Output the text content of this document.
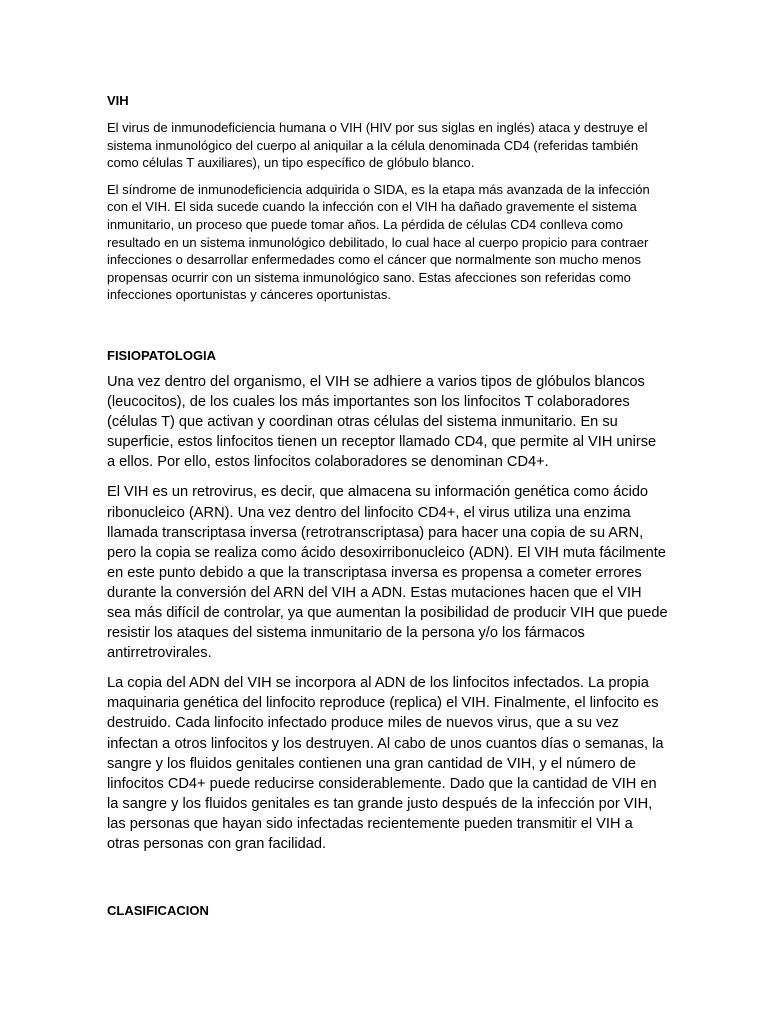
VIH

El virus de inmunodeficiencia humana o VIH (HIV por sus siglas en inglés) ataca y destruye el sistema inmunológico del cuerpo al aniquilar a la célula denominada CD4 (referidas también como células T auxiliares), un tipo específico de glóbulo blanco.

El síndrome de inmunodeficiencia adquirida o SIDA, es la etapa más avanzada de la infección con el VIH. El sida sucede cuando la infección con el VIH ha dañado gravemente el sistema inmunitario, un proceso que puede tomar años. La pérdida de células CD4 conlleva como resultado en un sistema inmunológico debilitado, lo cual hace al cuerpo propicio para contraer infecciones o desarrollar enfermedades como el cáncer que normalmente son mucho menos propensas ocurrir con un sistema inmunológico sano. Estas afecciones son referidas como infecciones oportunistas y cánceres oportunistas.

FISIOPATOLOGIA

Una vez dentro del organismo, el VIH se adhiere a varios tipos de glóbulos blancos (leucocitos), de los cuales los más importantes son los linfocitos T colaboradores (células T) que activan y coordinan otras células del sistema inmunitario. En su superficie, estos linfocitos tienen un receptor llamado CD4, que permite al VIH unirse a ellos. Por ello, estos linfocitos colaboradores se denominan CD4+.

El VIH es un retrovirus, es decir, que almacena su información genética como ácido ribonucleico (ARN). Una vez dentro del linfocito CD4+, el virus utiliza una enzima llamada transcriptasa inversa (retrotranscriptasa) para hacer una copia de su ARN, pero la copia se realiza como ácido desoxirribonucleico (ADN). El VIH muta fácilmente en este punto debido a que la transcriptasa inversa es propensa a cometer errores durante la conversión del ARN del VIH a ADN. Estas mutaciones hacen que el VIH sea más difícil de controlar, ya que aumentan la posibilidad de producir VIH que puede resistir los ataques del sistema inmunitario de la persona y/o los fármacos antirretrovirales.

La copia del ADN del VIH se incorpora al ADN de los linfocitos infectados. La propia maquinaria genética del linfocito reproduce (replica) el VIH. Finalmente, el linfocito es destruido. Cada linfocito infectado produce miles de nuevos virus, que a su vez infectan a otros linfocitos y los destruyen. Al cabo de unos cuantos días o semanas, la sangre y los fluidos genitales contienen una gran cantidad de VIH, y el número de linfocitos CD4+ puede reducirse considerablemente. Dado que la cantidad de VIH en la sangre y los fluidos genitales es tan grande justo después de la infección por VIH, las personas que hayan sido infectadas recientemente pueden transmitir el VIH a otras personas con gran facilidad.

CLASIFICACION
